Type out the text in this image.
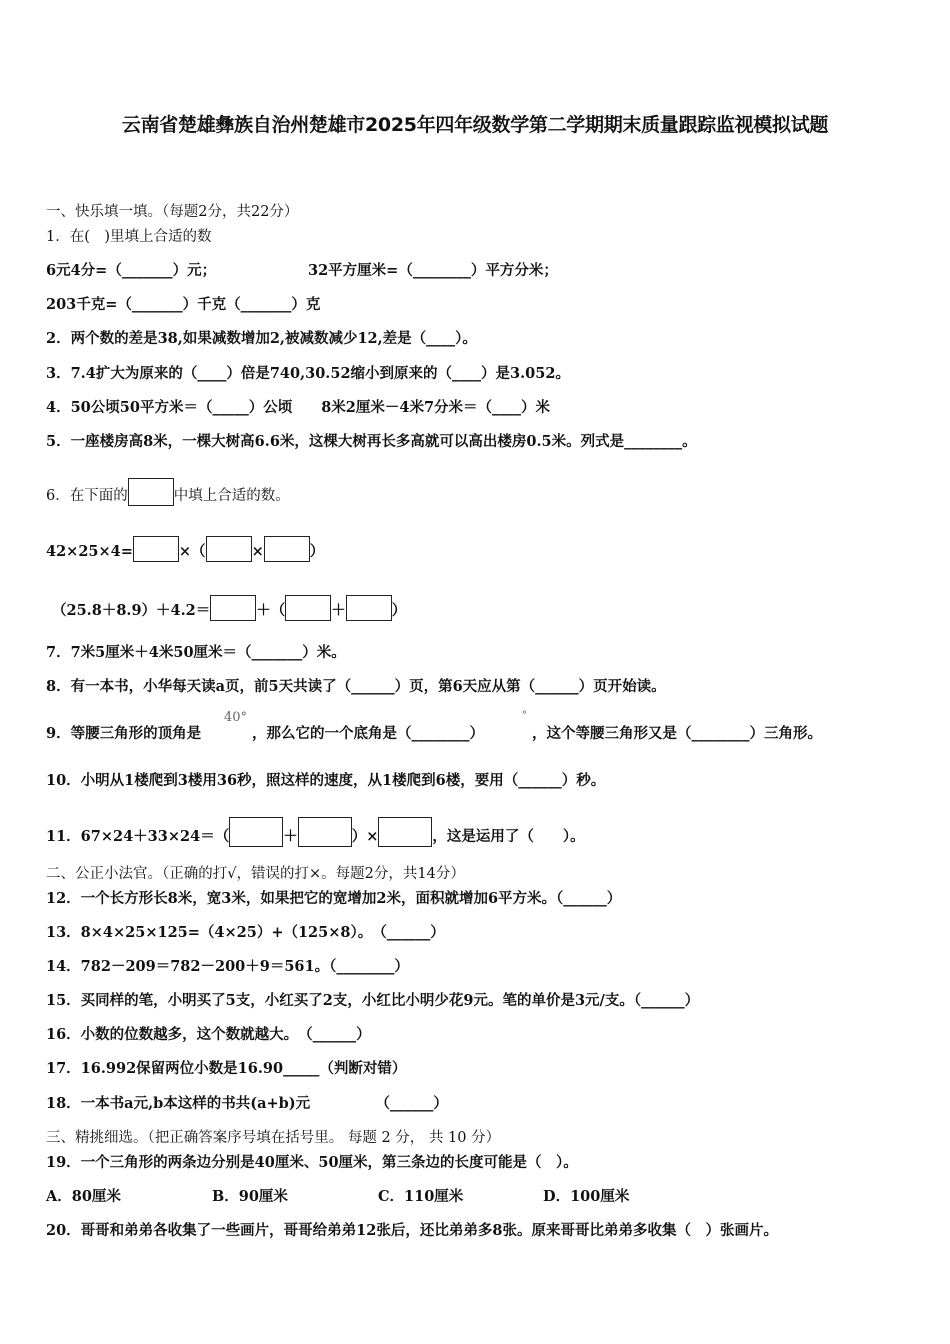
云南省楚雄彝族自治州楚雄市2025年四年级数学第二学期期末质量跟踪监视模拟试题
一、快乐填一填。（每题2分，共22分）
1．在(　)里填上合适的数
6元4分=（_______）元；	32平方厘米=（________）平方分米；
203千克=（_______）千克（_______）克
2．两个数的差是38,如果减数增加2,被减数减少12,差是（____）。
3．7.4扩大为原来的（____）倍是740,30.52缩小到原来的（____）是3.052。
4．50公顷50平方米＝（_____）公顷　　8米2厘米－4米7分米＝（____）米
5．一座楼房高8米，一棵大树高6.6米，这棵大树再长多高就可以高出楼房0.5米。列式是________。
6．在下面的	中填上合适的数。
42×25×4=	×（	×	）
（25.8＋8.9）＋4.2＝	＋（	＋	）
7．7米5厘米＋4米50厘米＝（_______）米。
8．有一本书，小华每天读a页，前5天共读了（______）页，第6天应从第（______）页开始读。
9．等腰三角形的顶角是
40°
，那么它的一个底角是（________）
°
，这个等腰三角形又是（________）三角形。
10．小明从1楼爬到3楼用36秒，照这样的速度，从1楼爬到6楼，要用（______）秒。
11．67×24＋33×24＝（	＋	）×	，这是运用了（　　）。
二、公正小法官。（正确的打√，错误的打×。每题2分，共14分）
12．一个长方形长8米，宽3米，如果把它的宽增加2米，面积就增加6平方米。（______）
13．8×4×25×125=（4×25）+（125×8）。　（______）
14．782－209＝782－200＋9＝561。（________）
15．买同样的笔，小明买了5支，小红买了2支，小红比小明少花9元。笔的单价是3元/支。（______）
16．小数的位数越多，这个数就越大。　（______）
17．16.992保留两位小数是16.90_____（判断对错）
18．一本书a元,b本这样的书共(a+b)元　　　　　（______）
三、精挑细选。（把正确答案序号填在括号里。 每题 2 分， 共 10 分）
19．一个三角形的两条边分别是40厘米、50厘米，第三条边的长度可能是（　）。
A．80厘米	B．90厘米	C．110厘米	D．100厘米
20．哥哥和弟弟各收集了一些画片，哥哥给弟弟12张后，还比弟弟多8张。原来哥哥比弟弟多收集（　）张画片。
